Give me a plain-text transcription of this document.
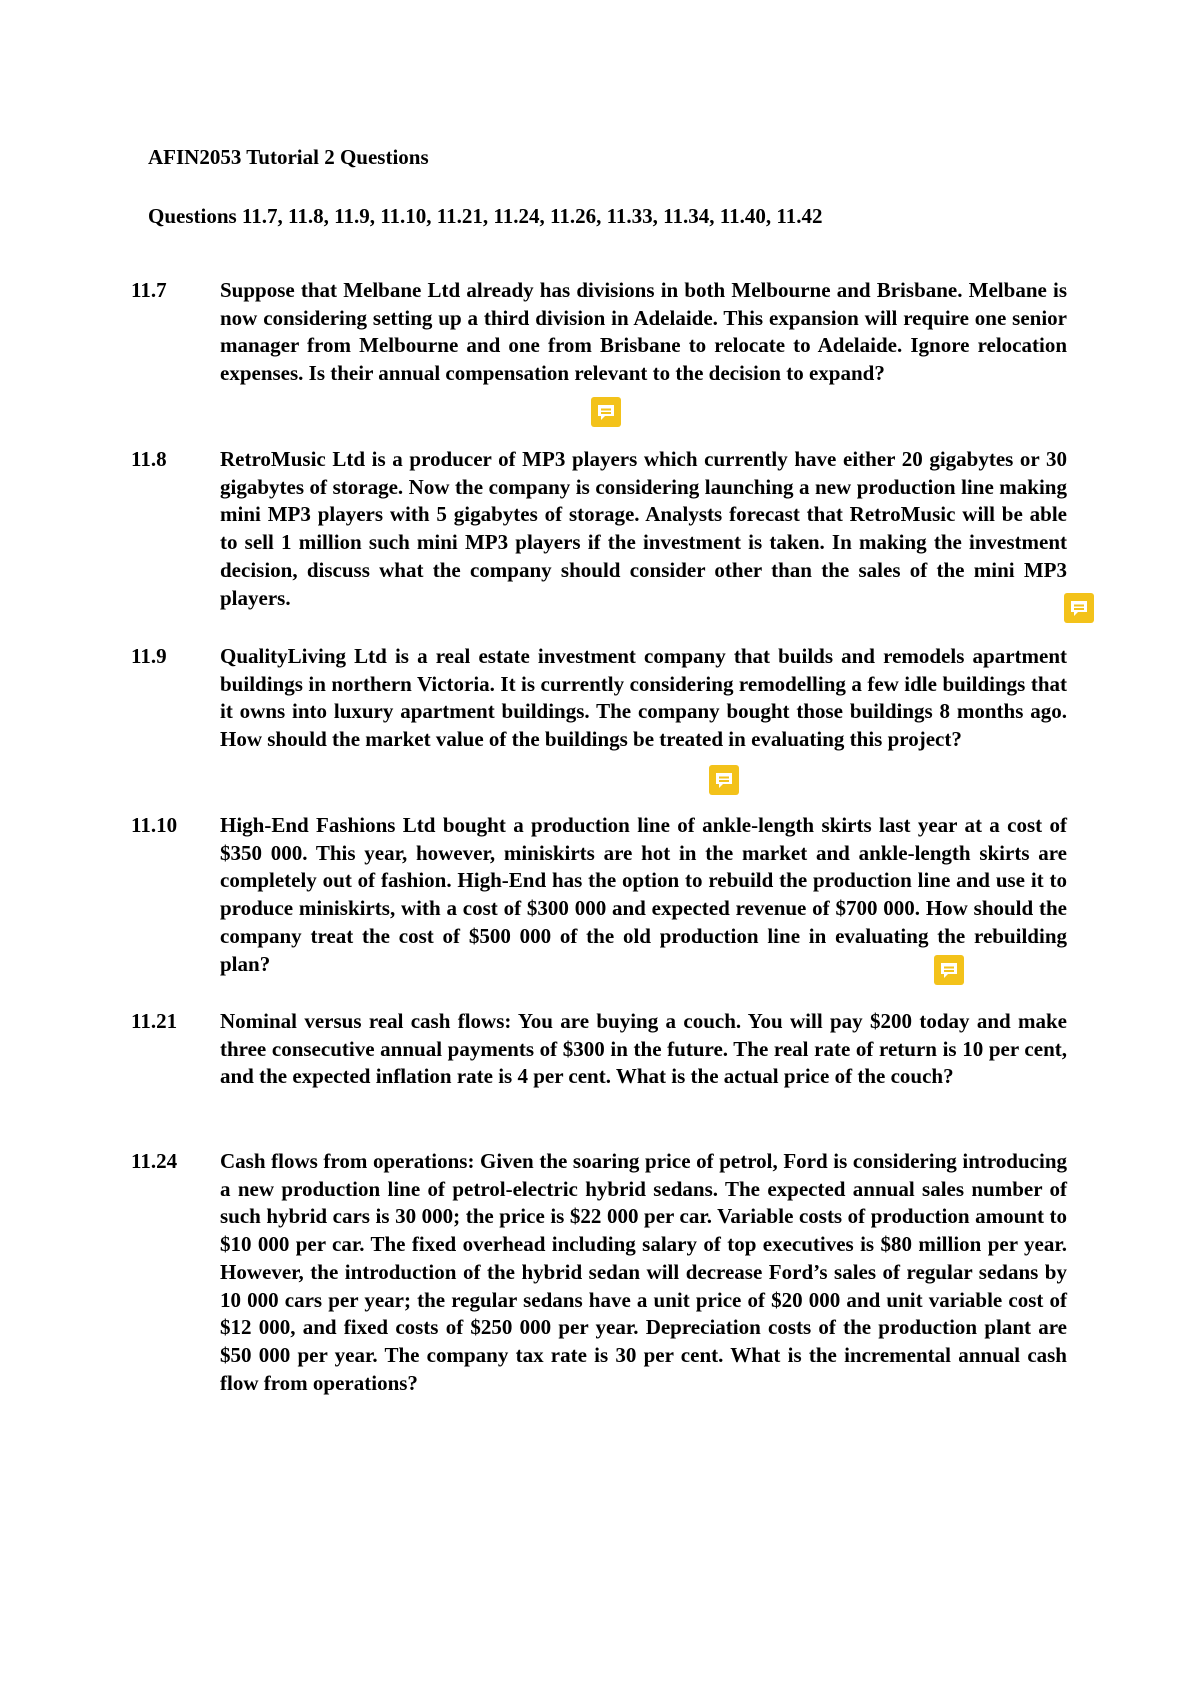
AFIN2053 Tutorial 2 Questions

Questions 11.7, 11.8, 11.9, 11.10, 11.21, 11.24, 11.26, 11.33, 11.34, 11.40, 11.42

11.7	Suppose that Melbane Ltd already has divisions in both Melbourne and Brisbane. Melbane is now considering setting up a third division in Adelaide. This expansion will require one senior manager from Melbourne and one from Brisbane to relocate to Adelaide. Ignore relocation expenses. Is their annual compensation relevant to the decision to expand?
11.8	RetroMusic Ltd is a producer of MP3 players which currently have either 20 gigabytes or 30 gigabytes of storage. Now the company is considering launching a new production line making mini MP3 players with 5 gigabytes of storage. Analysts forecast that RetroMusic will be able to sell 1 million such mini MP3 players if the investment is taken. In making the investment decision, discuss what the company should consider other than the sales of the mini MP3 players.
11.9	QualityLiving Ltd is a real estate investment company that builds and remodels apartment buildings in northern Victoria. It is currently considering remodelling a few idle buildings that it owns into luxury apartment buildings. The company bought those buildings 8 months ago. How should the market value of the buildings be treated in evaluating this project?
11.10 High-End Fashions Ltd bought a production line of ankle-length skirts last year at a cost of $350 000. This year, however, miniskirts are hot in the market and ankle-length skirts are completely out of fashion. High-End has the option to rebuild the production line and use it to produce miniskirts, with a cost of $300 000 and expected revenue of $700 000. How should the company treat the cost of $500 000 of the old production line in evaluating the rebuilding plan?
11.21 Nominal versus real cash flows: You are buying a couch. You will pay $200 today and make three consecutive annual payments of $300 in the future. The real rate of return is 10 per cent, and the expected inflation rate is 4 per cent. What is the actual price of the couch?
11.24 Cash flows from operations: Given the soaring price of petrol, Ford is considering introducing a new production line of petrol-electric hybrid sedans. The expected annual sales number of such hybrid cars is 30 000; the price is $22 000 per car. Variable costs of production amount to $10 000 per car. The fixed overhead including salary of top executives is $80 million per year. However, the introduction of the hybrid sedan will decrease Ford’s sales of regular sedans by 10 000 cars per year; the regular sedans have a unit price of $20 000 and unit variable cost of $12 000, and fixed costs of $250 000 per year. Depreciation costs of the production plant are $50 000 per year. The company tax rate is 30 per cent. What is the incremental annual cash flow from operations?
